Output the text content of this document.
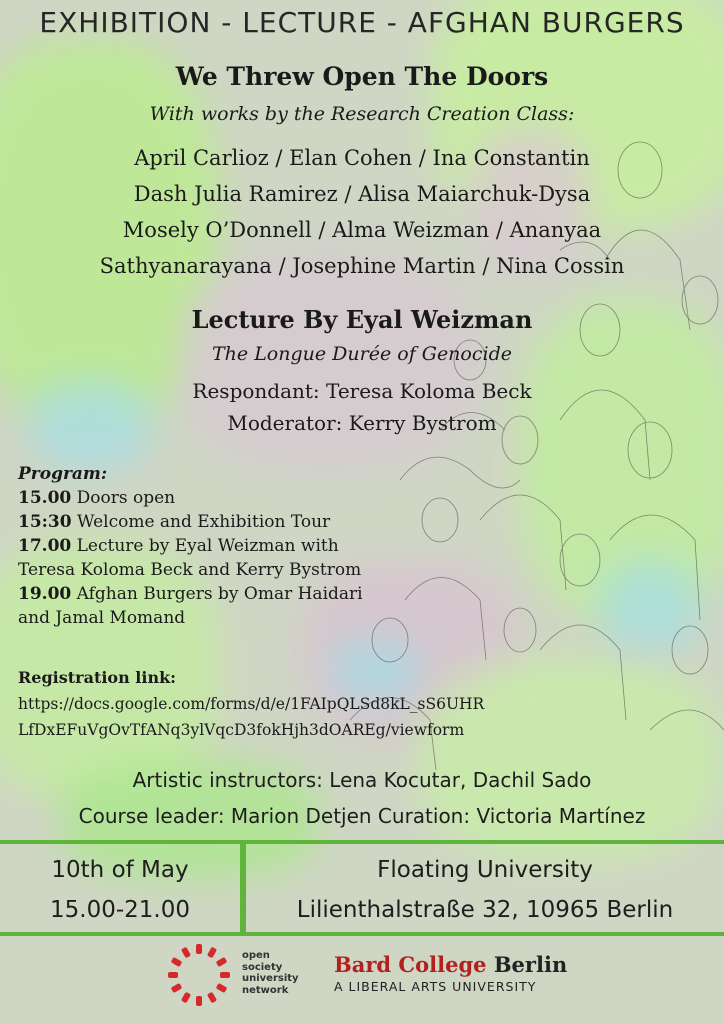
EXHIBITION - LECTURE - AFGHAN BURGERS
We Threw Open The Doors
With works by the Research Creation Class:
April Carlioz / Elan Cohen / Ina Constantin
Dash Julia Ramirez / Alisa Maiarchuk-Dysa
Mosely O’Donnell / Alma Weizman / Ananyaa
Sathyanarayana / Josephine Martin / Nina Cossin
Lecture By Eyal Weizman
The Longue Durée of Genocide
Respondant: Teresa Koloma Beck
Moderator: Kerry Bystrom
Program:
15.00 Doors open
15:30 Welcome and Exhibition Tour
17.00 Lecture by Eyal Weizman with
Teresa Koloma Beck and Kerry Bystrom
19.00 Afghan Burgers by Omar Haidari
and Jamal Momand
Registration link:
https://docs.google.com/forms/d/e/1FAIpQLSd8kL_sS6UHR
LfDxEFuVgOvTfANq3ylVqcD3fokHjh3dOAREg/viewform
Artistic instructors: Lena Kocutar, Dachil Sado
Course leader: Marion Detjen Curation: Victoria Martínez
10th of May
15.00-21.00
Floating University
Lilienthalstraße 32, 10965 Berlin
open
society
university
network
Bard College Berlin
A LIBERAL ARTS UNIVERSITY
